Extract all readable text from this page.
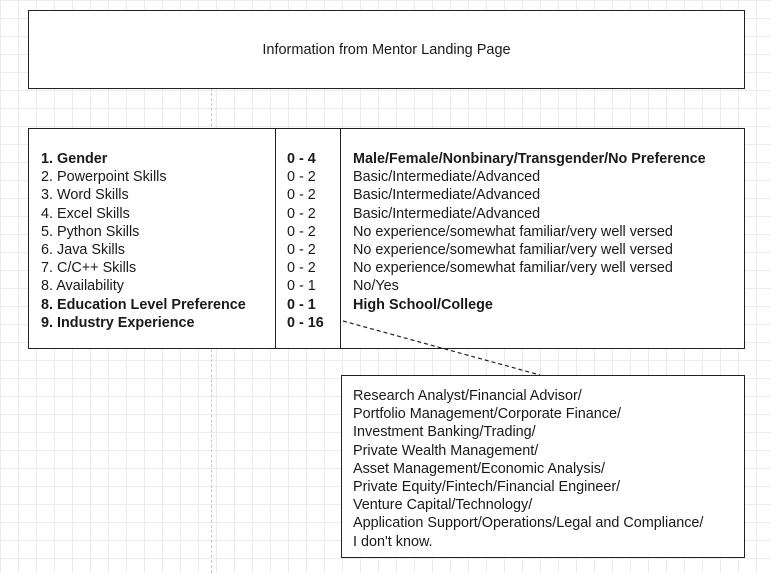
Information from Mentor Landing Page
1. Gender
2. Powerpoint Skills
3. Word Skills
4. Excel Skills
5. Python Skills
6. Java Skills
7. C/C++ Skills
8. Availability
8. Education Level Preference
9. Industry Experience
0 - 4
0 - 2
0 - 2
0 - 2
0 - 2
0 - 2
0 - 2
0 - 1
0 - 1
0 - 16
Male/Female/Nonbinary/Transgender/No Preference
Basic/Intermediate/Advanced
Basic/Intermediate/Advanced
Basic/Intermediate/Advanced
No experience/somewhat familiar/very well versed
No experience/somewhat familiar/very well versed
No experience/somewhat familiar/very well versed
No/Yes
High School/College
Research Analyst/Financial Advisor/
Portfolio Management/Corporate Finance/
Investment Banking/Trading/
Private Wealth Management/
Asset Management/Economic Analysis/
Private Equity/Fintech/Financial Engineer/
Venture Capital/Technology/
Application Support/Operations/Legal and Compliance/
I don't know.
